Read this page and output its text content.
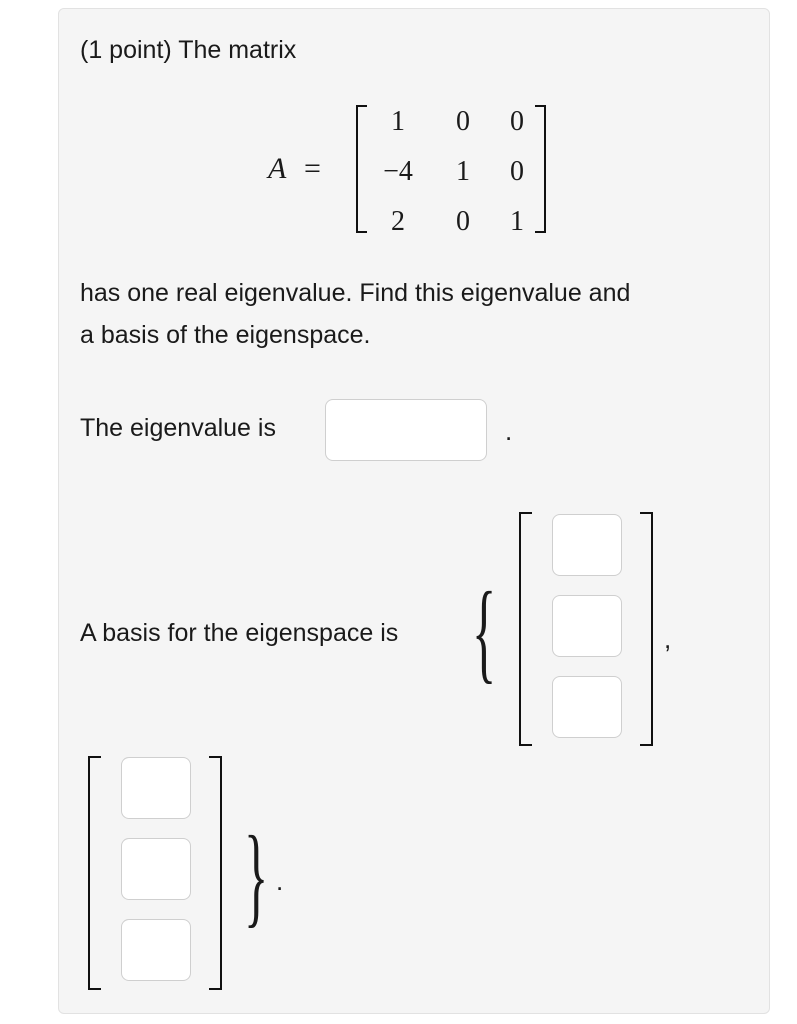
(1 point) The matrix
A =
1	0	0
−4	1	0
2	0	1
has one real eigenvalue. Find this eigenvalue and
a basis of the eigenspace.
The eigenvalue is	.
A basis for the eigenspace is {	,
} .
